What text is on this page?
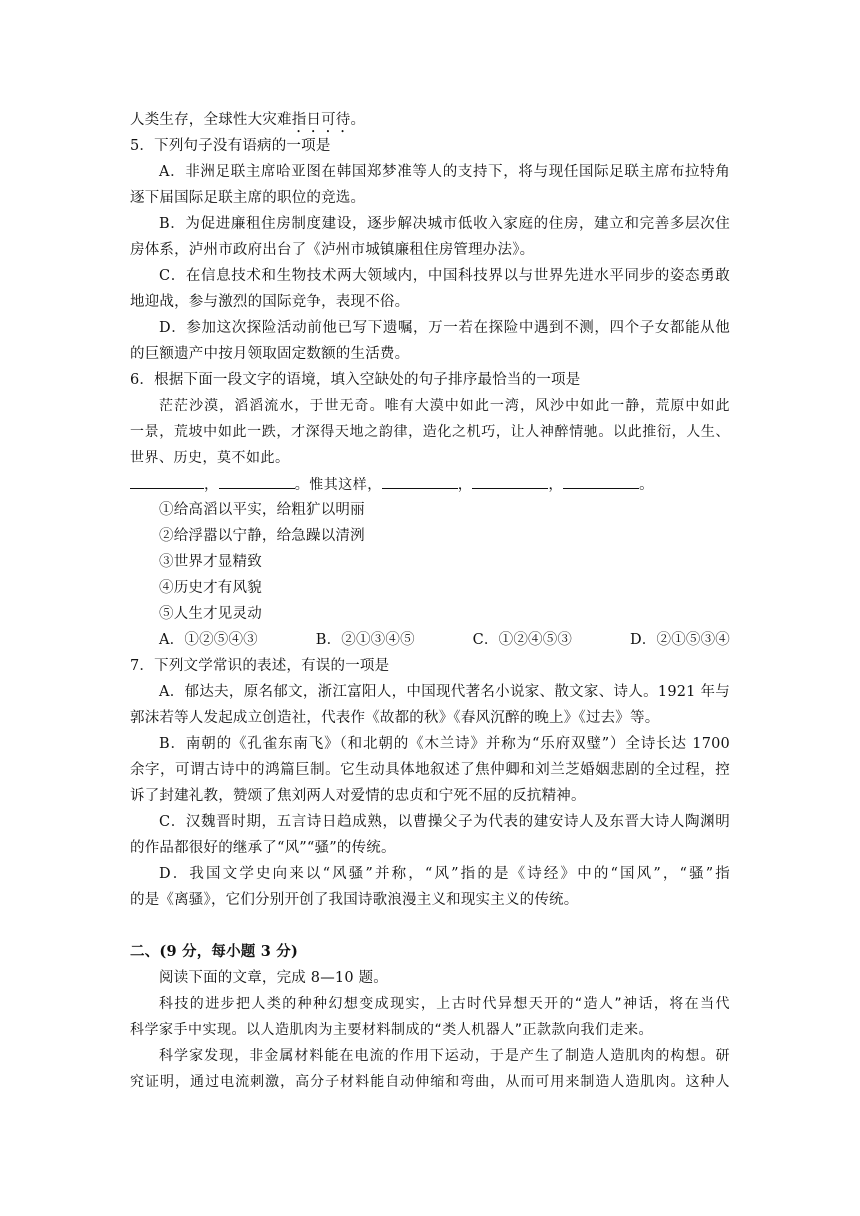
人类生存，全球性大灾难指日可待。
5．下列句子没有语病的一项是
A．非洲足联主席哈亚图在韩国郑梦准等人的支持下，将与现任国际足联主席布拉特角
逐下届国际足联主席的职位的竞选。
B．为促进廉租住房制度建设，逐步解决城市低收入家庭的住房，建立和完善多层次住
房体系，泸州市政府出台了《泸州市城镇廉租住房管理办法》。
C．在信息技术和生物技术两大领域内，中国科技界以与世界先进水平同步的姿态勇敢
地迎战，参与激烈的国际竞争，表现不俗。
D．参加这次探险活动前他已写下遗嘱，万一若在探险中遇到不测，四个子女都能从他
的巨额遗产中按月领取固定数额的生活费。
6．根据下面一段文字的语境，填入空缺处的句子排序最恰当的一项是
茫茫沙漠，滔滔流水，于世无奇。唯有大漠中如此一湾，风沙中如此一静，荒原中如此
一景，荒坡中如此一跌，才深得天地之韵律，造化之机巧，让人神醉情驰。以此推衍，人生、
世界、历史，莫不如此。
，	。惟其这样，	，	，	。
①给高滔以平实，给粗犷以明丽
②给浮嚣以宁静，给急躁以清洌
③世界才显精致
④历史才有风貌
⑤人生才见灵动
A．①②⑤④③	B．②①③④⑤	C．①②④⑤③	D．②①⑤③④
7．下列文学常识的表述，有误的一项是
A．郁达夫，原名郁文，浙江富阳人，中国现代著名小说家、散文家、诗人。1921 年与
郭沫若等人发起成立创造社，代表作《故都的秋》《春风沉醉的晚上》《过去》等。
B．南朝的《孔雀东南飞》（和北朝的《木兰诗》并称为“乐府双璧”）全诗长达 1700
余字，可谓古诗中的鸿篇巨制。它生动具体地叙述了焦仲卿和刘兰芝婚姻悲剧的全过程，控
诉了封建礼教，赞颂了焦刘两人对爱情的忠贞和宁死不屈的反抗精神。
C．汉魏晋时期，五言诗日趋成熟，以曹操父子为代表的建安诗人及东晋大诗人陶渊明
的作品都很好的继承了“风”“骚”的传统。
D．我国文学史向来以“风骚”并称，“风”指的是《诗经》中的“国风”，“骚”指
的是《离骚》，它们分别开创了我国诗歌浪漫主义和现实主义的传统。
二、(9 分，每小题 3 分)
阅读下面的文章，完成 8—10 题。
科技的进步把人类的种种幻想变成现实，上古时代异想天开的“造人”神话，将在当代
科学家手中实现。以人造肌肉为主要材料制成的“类人机器人”正款款向我们走来。
科学家发现，非金属材料能在电流的作用下运动，于是产生了制造人造肌肉的构想。研
究证明，通过电流刺激，高分子材料能自动伸缩和弯曲，从而可用来制造人造肌肉。这种人
